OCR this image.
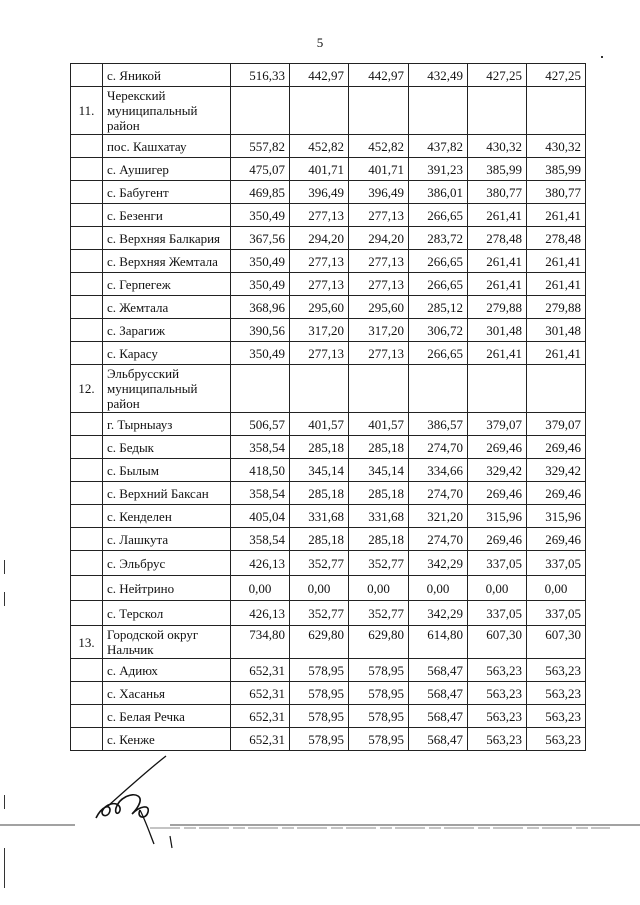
5
	с. Яникой	516,33	442,97	442,97	432,49	427,25	427,25
11.	Черекский муниципальный район						
	пос. Кашхатау	557,82	452,82	452,82	437,82	430,32	430,32
	с. Аушигер	475,07	401,71	401,71	391,23	385,99	385,99
	с. Бабугент	469,85	396,49	396,49	386,01	380,77	380,77
	с. Безенги	350,49	277,13	277,13	266,65	261,41	261,41
	с. Верхняя Балкария	367,56	294,20	294,20	283,72	278,48	278,48
	с. Верхняя Жемтала	350,49	277,13	277,13	266,65	261,41	261,41
	с. Герпегеж	350,49	277,13	277,13	266,65	261,41	261,41
	с. Жемтала	368,96	295,60	295,60	285,12	279,88	279,88
	с. Зарагиж	390,56	317,20	317,20	306,72	301,48	301,48
	с. Карасу	350,49	277,13	277,13	266,65	261,41	261,41
12.	Эльбрусский муниципальный район						
	г. Тырныауз	506,57	401,57	401,57	386,57	379,07	379,07
	с. Бедык	358,54	285,18	285,18	274,70	269,46	269,46
	с. Былым	418,50	345,14	345,14	334,66	329,42	329,42
	с. Верхний Баксан	358,54	285,18	285,18	274,70	269,46	269,46
	с. Кенделен	405,04	331,68	331,68	321,20	315,96	315,96
	с. Лашкута	358,54	285,18	285,18	274,70	269,46	269,46
	с. Эльбрус	426,13	352,77	352,77	342,29	337,05	337,05
	с. Нейтрино	0,00	0,00	0,00	0,00	0,00	0,00
	с. Терскол	426,13	352,77	352,77	342,29	337,05	337,05
13.	Городской округ Нальчик	734,80	629,80	629,80	614,80	607,30	607,30
	с. Адиюх	652,31	578,95	578,95	568,47	563,23	563,23
	с. Хасанья	652,31	578,95	578,95	568,47	563,23	563,23
	с. Белая Речка	652,31	578,95	578,95	568,47	563,23	563,23
	с. Кенже	652,31	578,95	578,95	568,47	563,23	563,23
